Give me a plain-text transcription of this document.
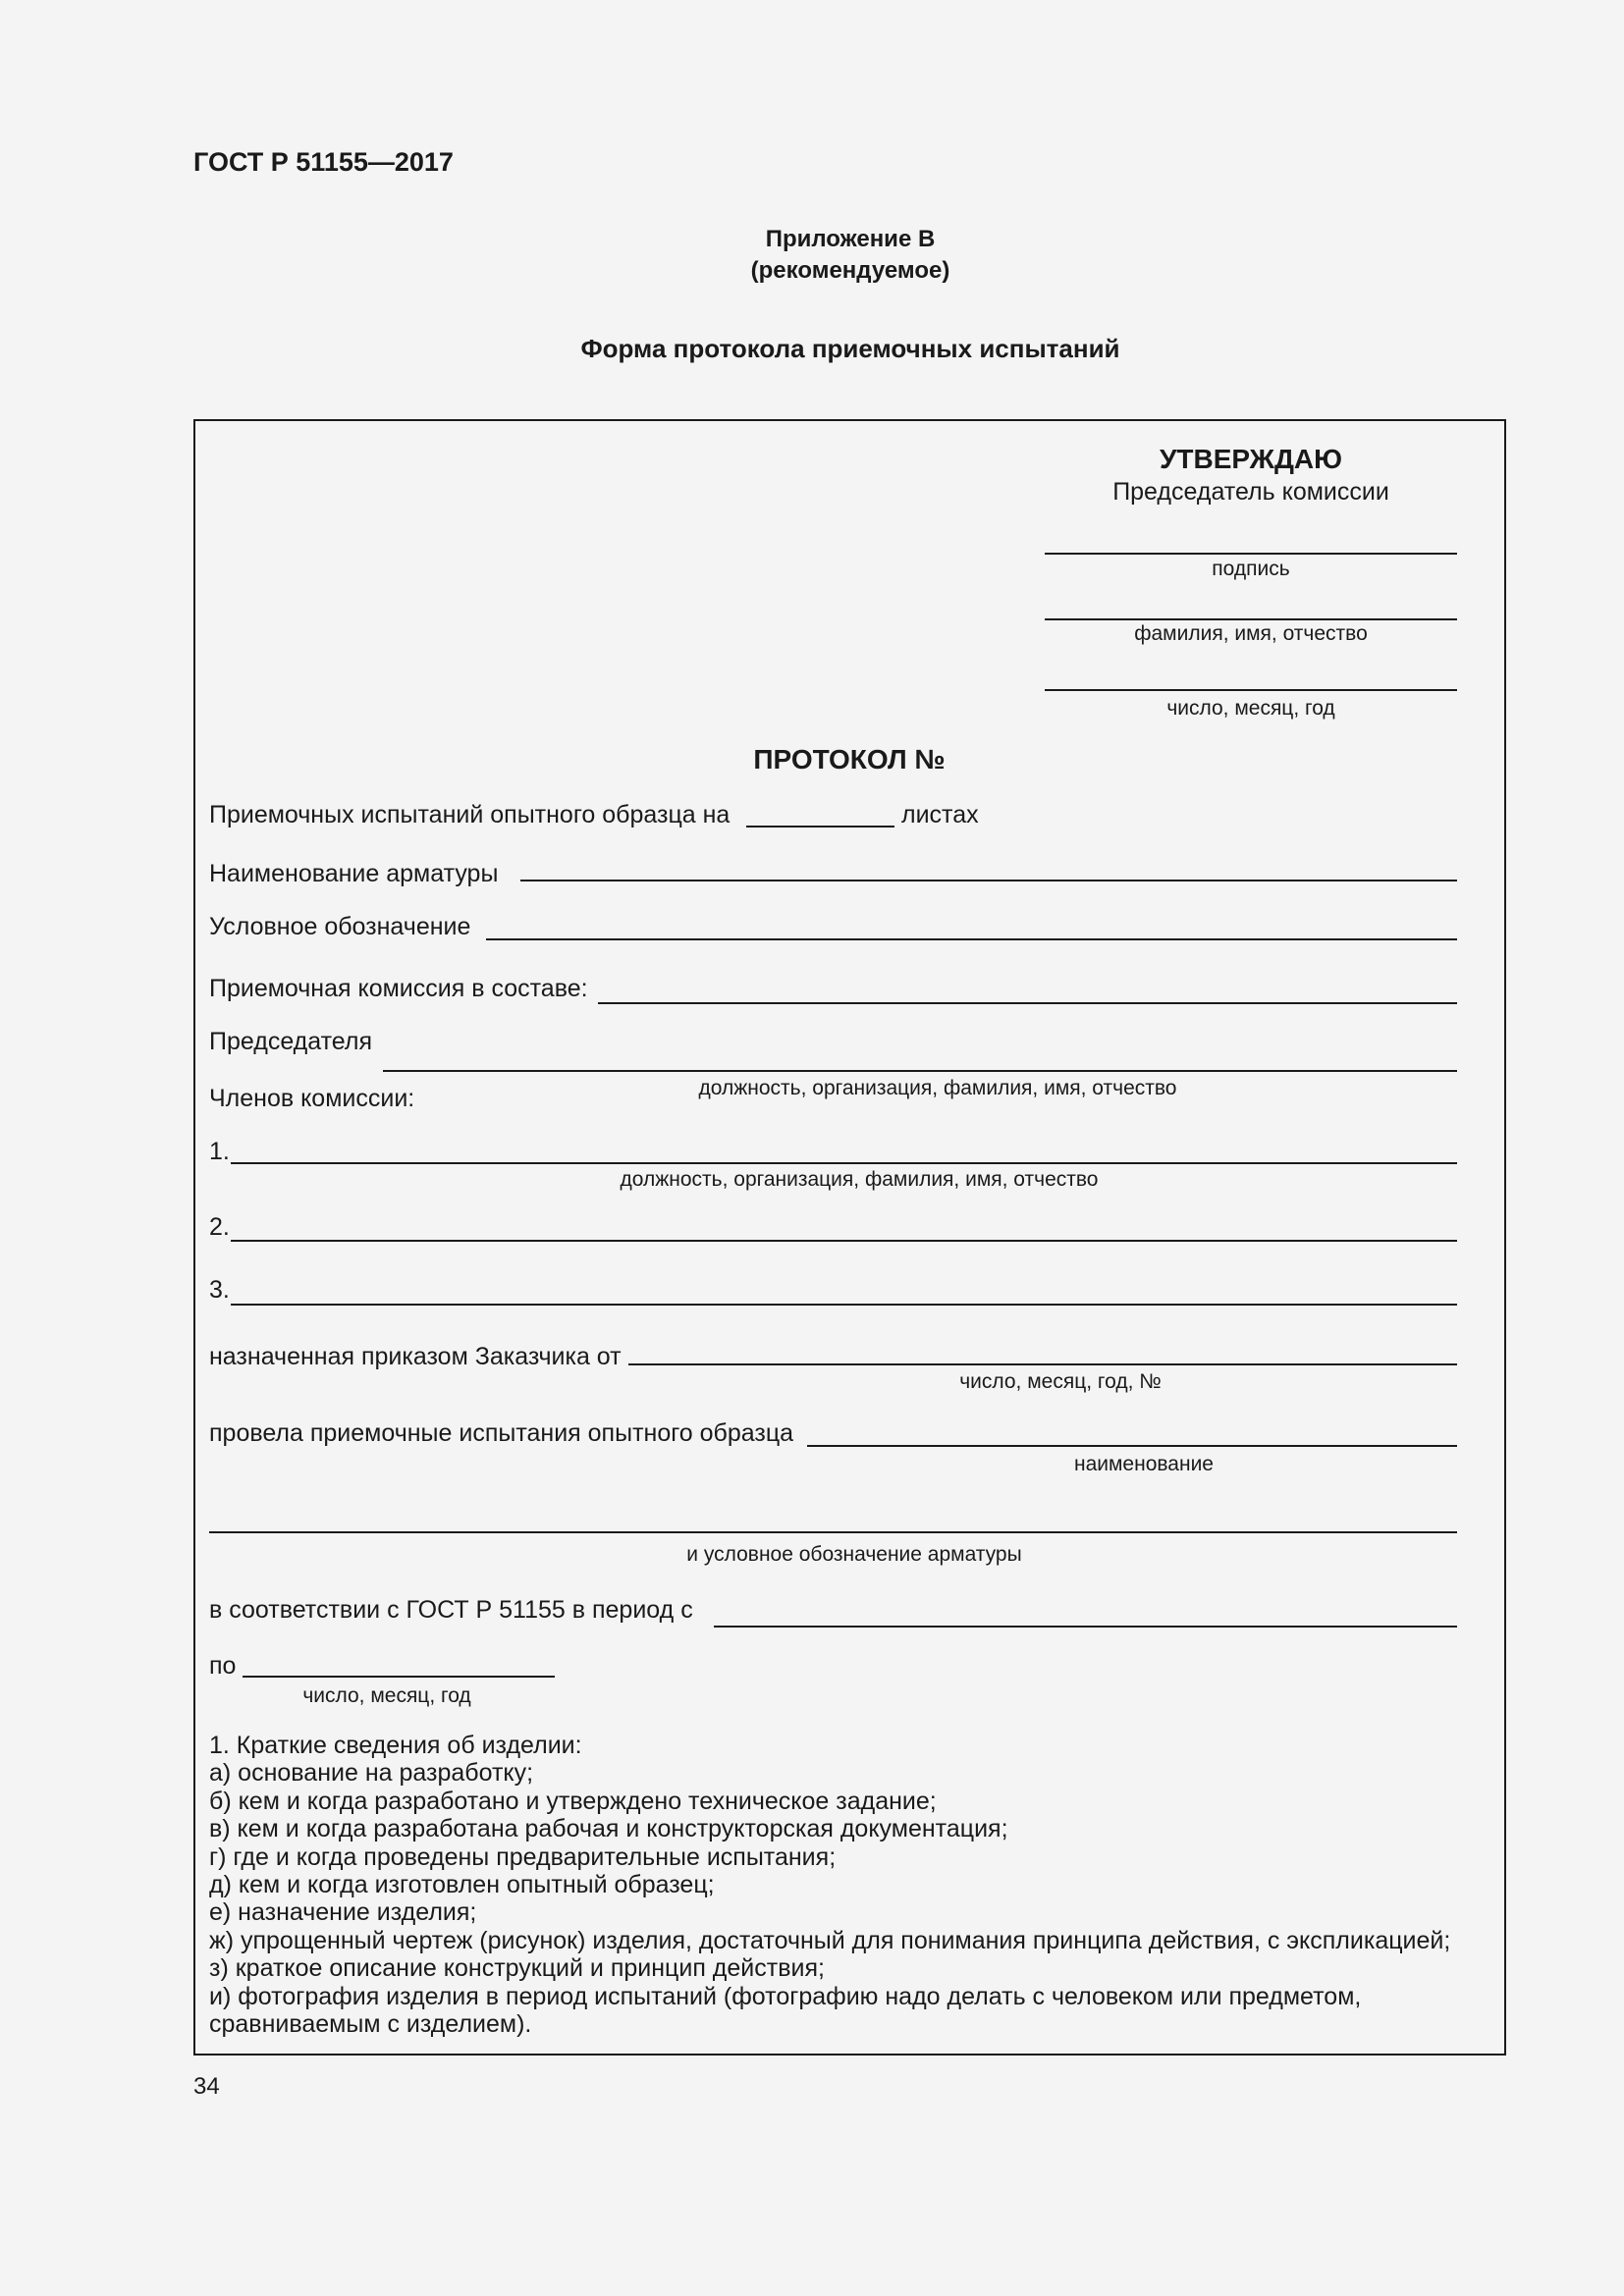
ГОСТ Р 51155—2017
Приложение В
(рекомендуемое)
Форма протокола приемочных испытаний
УТВЕРЖДАЮ
Председатель комиссии
подпись
фамилия, имя, отчество
число, месяц, год
ПРОТОКОЛ №
Приемочных испытаний опытного образца на	листах
Наименование арматуры
Условное обозначение
Приемочная комиссия в составе:
Председателя
должность, организация, фамилия, имя, отчество
Членов комиссии:
1.
должность, организация, фамилия, имя, отчество
2.
3.
назначенная приказом Заказчика от
число, месяц, год, №
провела приемочные испытания опытного образца
наименование
и условное обозначение арматуры
в соответствии с ГОСТ Р 51155 в период с
по
число, месяц, год
1. Краткие сведения об изделии:
а) основание на разработку;
б) кем и когда разработано и утверждено техническое задание;
в) кем и когда разработана рабочая и конструкторская документация;
г) где и когда проведены предварительные испытания;
д) кем и когда изготовлен опытный образец;
е) назначение изделия;
ж) упрощенный чертеж (рисунок) изделия, достаточный для понимания принципа действия, с экспликацией;
з) краткое описание конструкций и принцип действия;
и) фотография изделия в период испытаний (фотографию надо делать с человеком или предметом,
сравниваемым с изделием).
34
